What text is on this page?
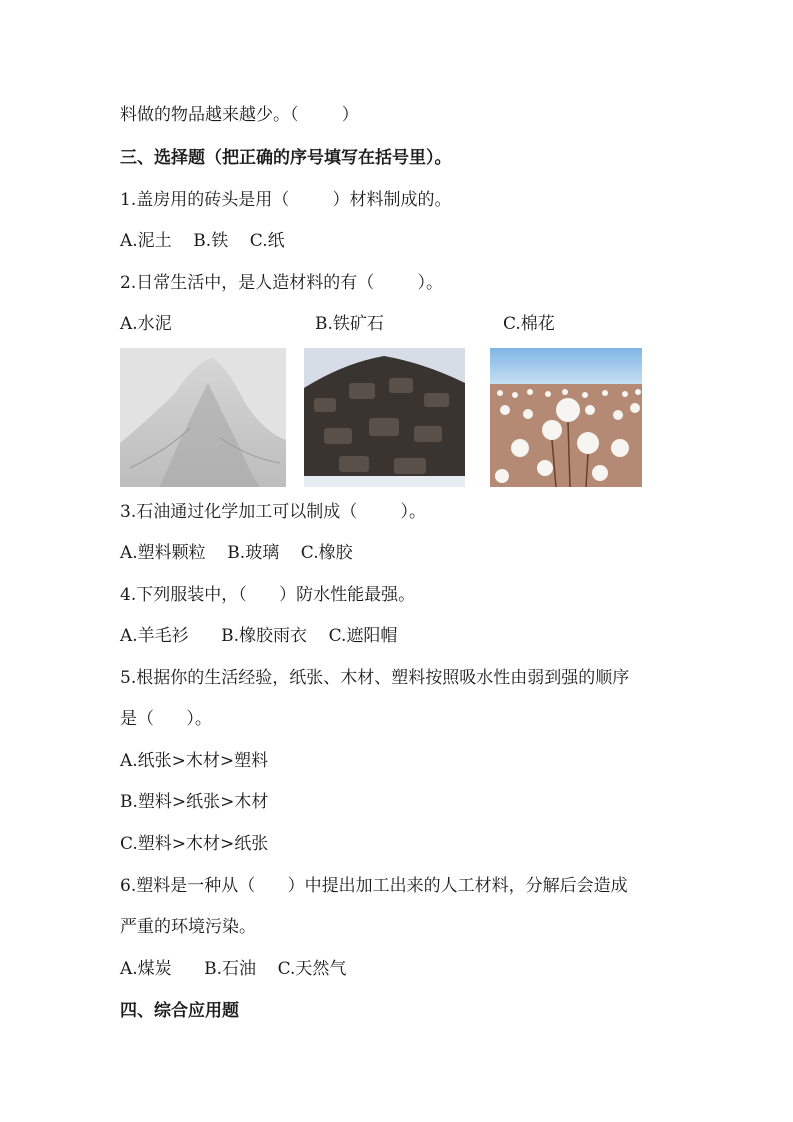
料做的物品越来越少。（        ）
三、选择题（把正确的序号填写在括号里）。
1.盖房用的砖头是用（        ）材料制成的。
A.泥土    B.铁    C.纸
2.日常生活中，是人造材料的有（        ）。
A.水泥	B.铁矿石	C.棉花
3.石油通过化学加工可以制成（        ）。
A.塑料颗粒    B.玻璃    C.橡胶
4.下列服装中，（      ）防水性能最强。
A.羊毛衫      B.橡胶雨衣    C.遮阳帽
5.根据你的生活经验，纸张、木材、塑料按照吸水性由弱到强的顺序
是（      ）。
A.纸张>木材>塑料
B.塑料>纸张>木材
C.塑料>木材>纸张
6.塑料是一种从（      ）中提出加工出来的人工材料，分解后会造成
严重的环境污染。
A.煤炭      B.石油    C.天然气
四、综合应用题
